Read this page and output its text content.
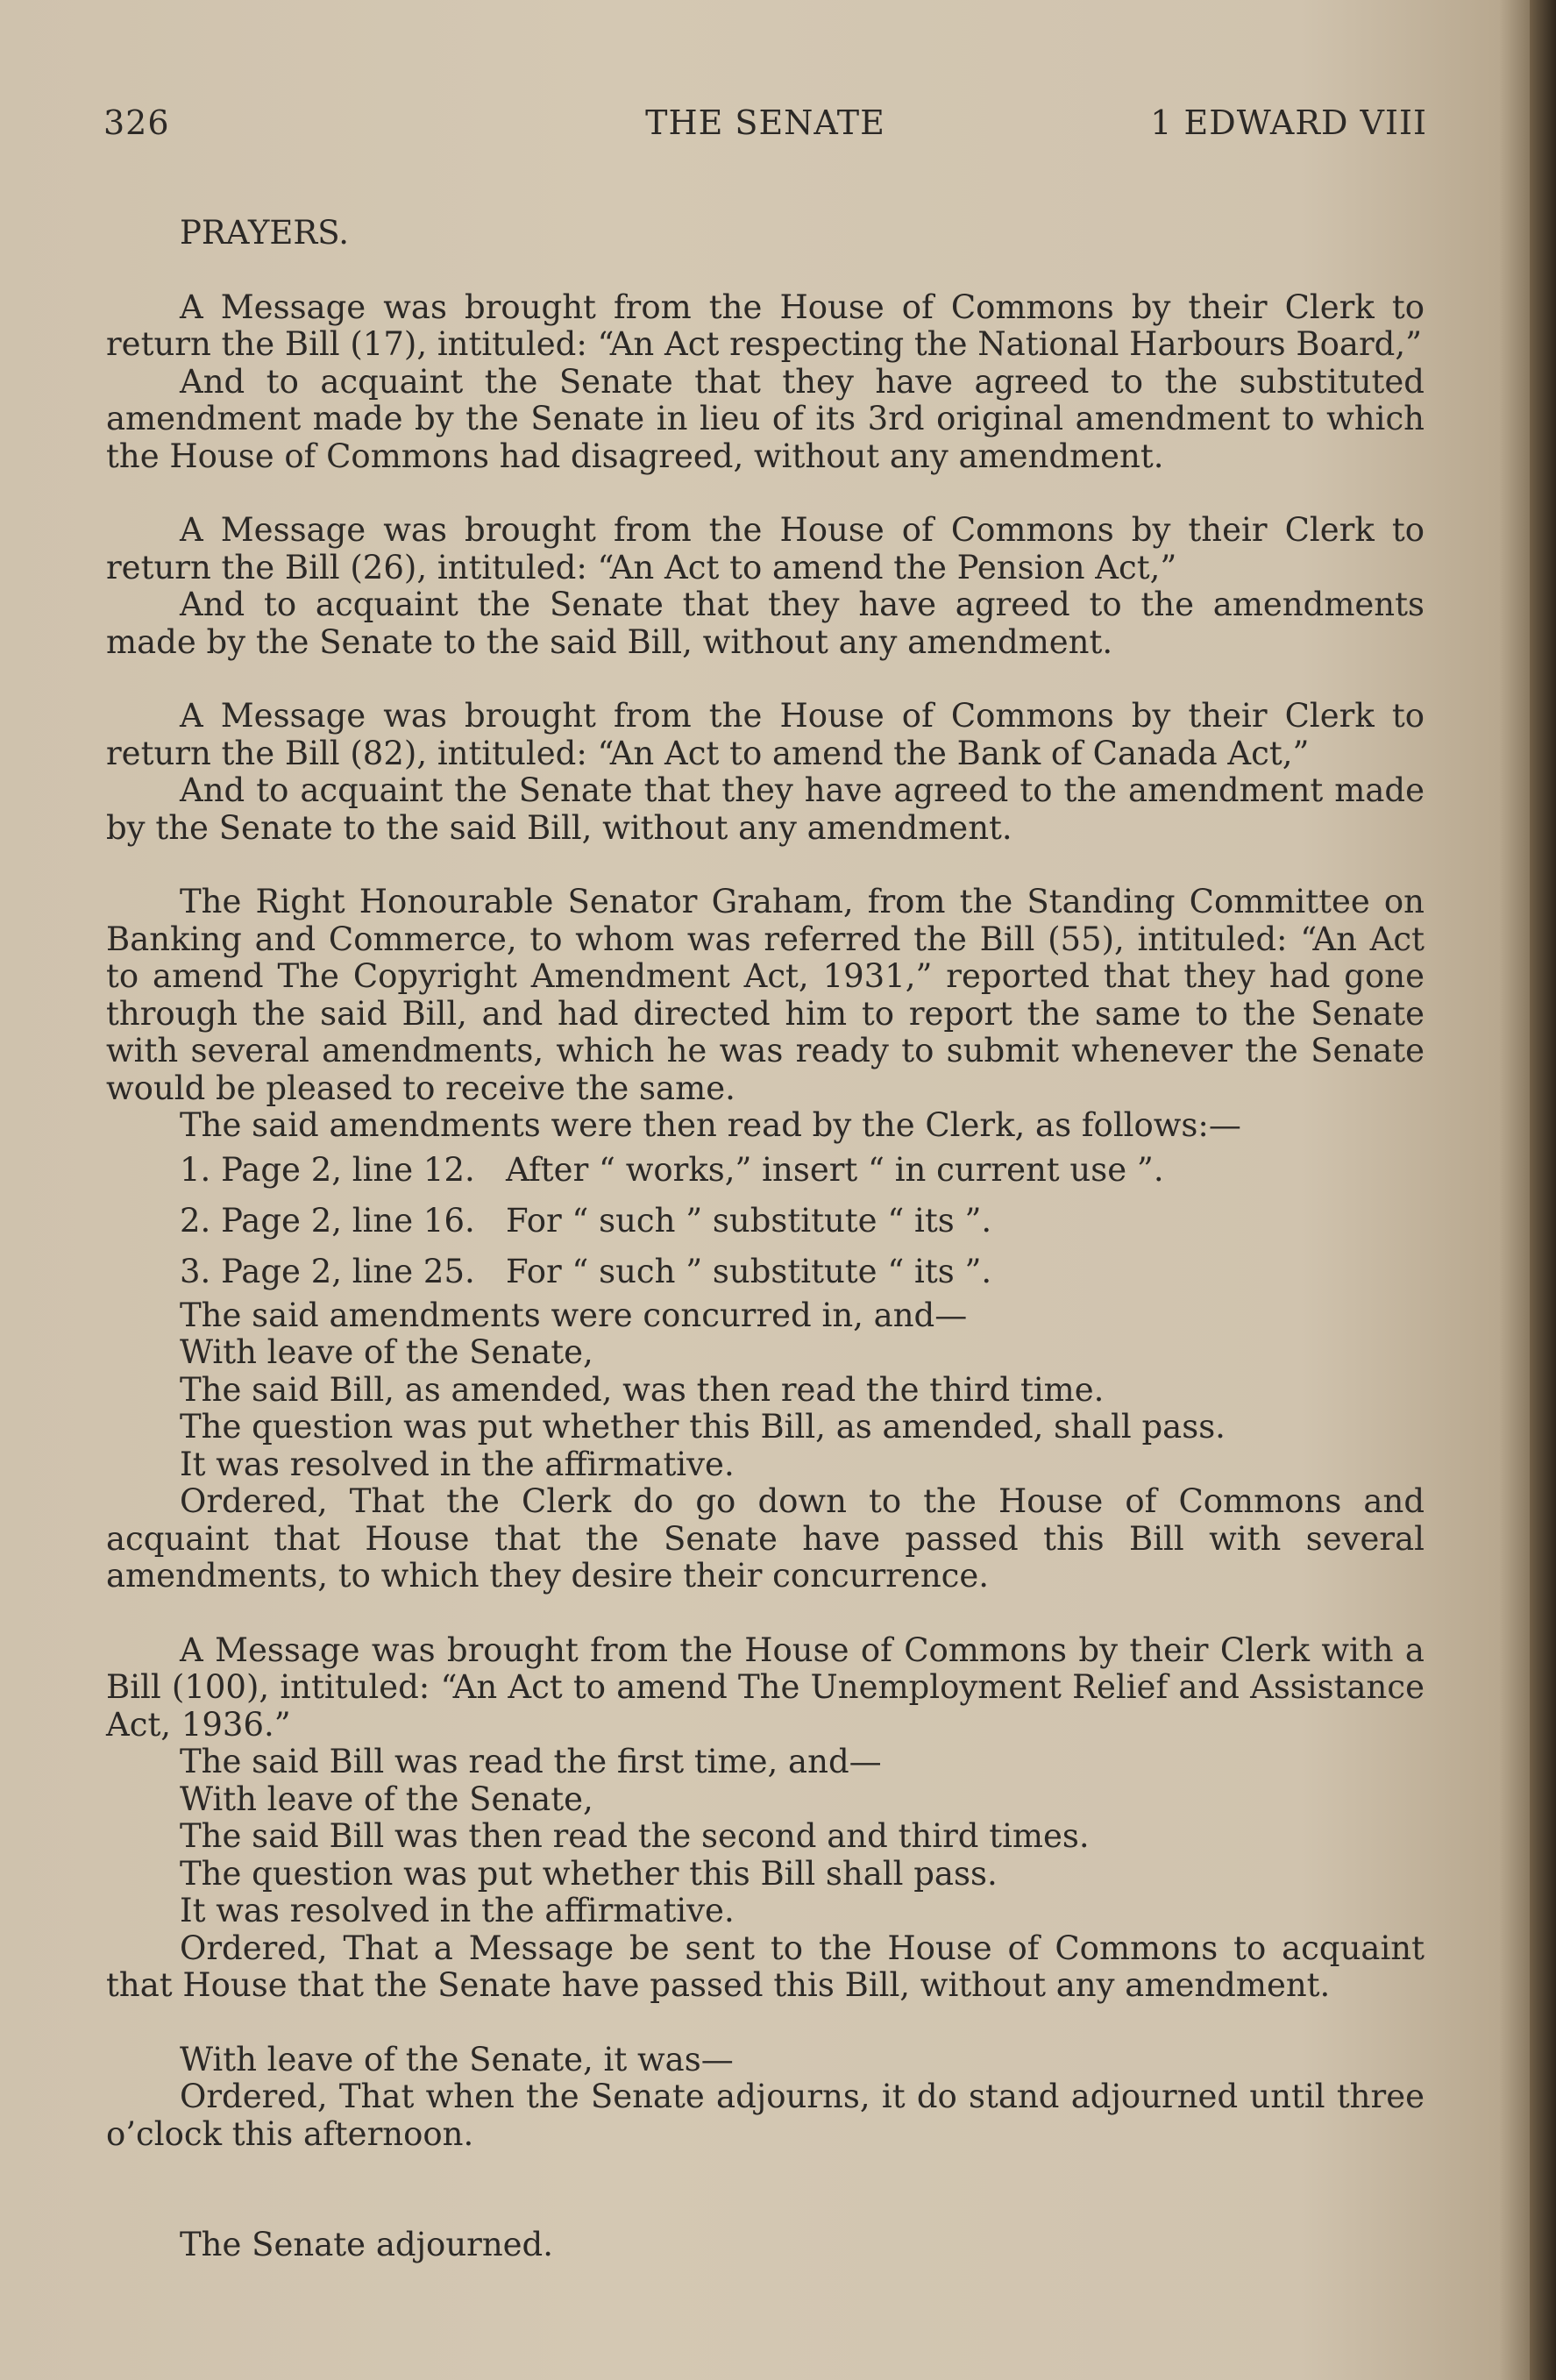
326	THE SENATE	1 EDWARD VIII

PRAYERS.

A Message was brought from the House of Commons by their Clerk to return the Bill (17), intituled: “An Act respecting the National Harbours Board,”

And to acquaint the Senate that they have agreed to the substituted amendment made by the Senate in lieu of its 3rd original amendment to which the House of Commons had disagreed, without any amendment.

A Message was brought from the House of Commons by their Clerk to return the Bill (26), intituled: “An Act to amend the Pension Act,”

And to acquaint the Senate that they have agreed to the amendments made by the Senate to the said Bill, without any amendment.

A Message was brought from the House of Commons by their Clerk to return the Bill (82), intituled: “An Act to amend the Bank of Canada Act,”

And to acquaint the Senate that they have agreed to the amendment made by the Senate to the said Bill, without any amendment.

The Right Honourable Senator Graham, from the Standing Committee on Banking and Commerce, to whom was referred the Bill (55), intituled: “An Act to amend The Copyright Amendment Act, 1931,” reported that they had gone through the said Bill, and had directed him to report the same to the Senate with several amendments, which he was ready to submit whenever the Senate would be pleased to receive the same.

The said amendments were then read by the Clerk, as follows:—

1. Page 2, line 12.   After “ works,” insert “ in current use ”.

2. Page 2, line 16.   For “ such ” substitute “ its ”.

3. Page 2, line 25.   For “ such ” substitute “ its ”.

The said amendments were concurred in, and—

With leave of the Senate,

The said Bill, as amended, was then read the third time.

The question was put whether this Bill, as amended, shall pass.

It was resolved in the affirmative.

Ordered, That the Clerk do go down to the House of Commons and acquaint that House that the Senate have passed this Bill with several amendments, to which they desire their concurrence.

A Message was brought from the House of Commons by their Clerk with a Bill (100), intituled: “An Act to amend The Unemployment Relief and Assistance Act, 1936.”

The said Bill was read the first time, and—

With leave of the Senate,

The said Bill was then read the second and third times.

The question was put whether this Bill shall pass.

It was resolved in the affirmative.

Ordered, That a Message be sent to the House of Commons to acquaint that House that the Senate have passed this Bill, without any amendment.

With leave of the Senate, it was—

Ordered, That when the Senate adjourns, it do stand adjourned until three o’clock this afternoon.

The Senate adjourned.
